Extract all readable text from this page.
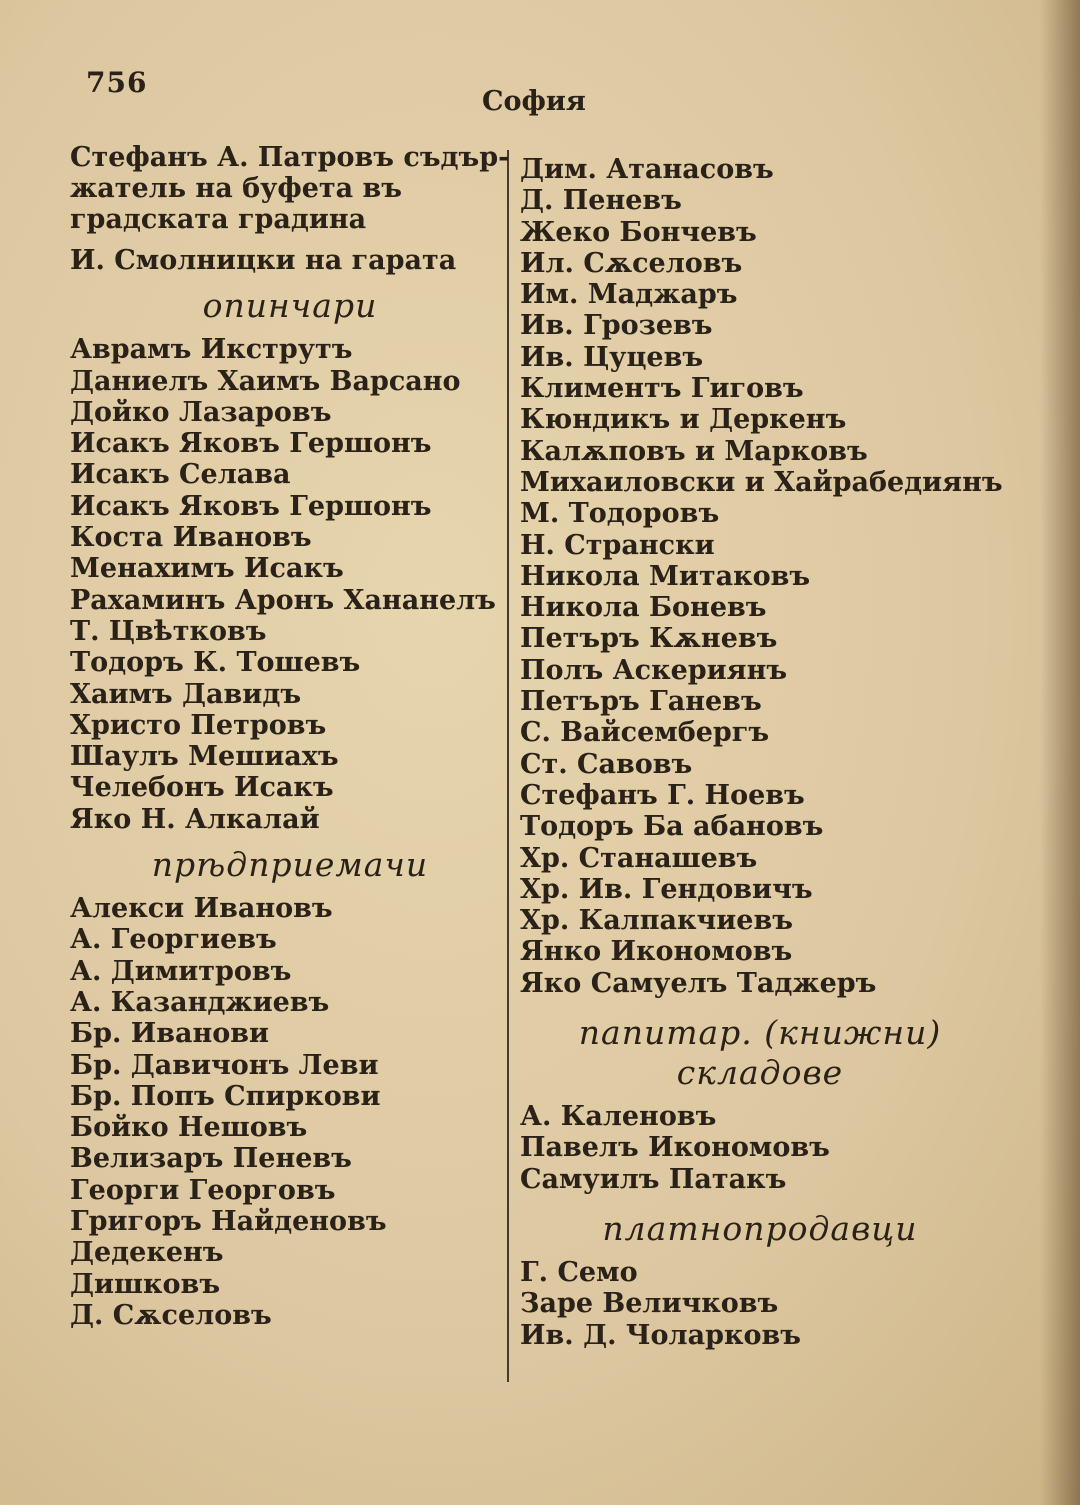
756
София
Стефанъ А. Патровъ съдър-жатель на буфета въ градската градина
И. Смолницки на гарата
опинчари
Аврамъ Икструтъ
Даниелъ Хаимъ Варсано
Дойко Лазаровъ
Исакъ Яковъ Гершонъ
Исакъ Селава
Исакъ Яковъ Гершонъ
Коста Ивановъ
Менахимъ Исакъ
Рахаминъ Аронъ Хананелъ
Т. Цвѣтковъ
Тодоръ К. Тошевъ
Хаимъ Давидъ
Христо Петровъ
Шаулъ Мешиахъ
Челебонъ Исакъ
Яко Н. Алкалай
прѣдприемачи
Алекси Ивановъ
А. Георгиевъ
А. Димитровъ
А. Казанджиевъ
Бр. Иванови
Бр. Давичонъ Леви
Бр. Попъ Спиркови
Бойко Нешовъ
Велизаръ Пеневъ
Георги Георговъ
Григоръ Найденовъ
Дедекенъ
Дишковъ
Д. Сѫселовъ
Дим. Атанасовъ
Д. Пеневъ
Жеко Бончевъ
Ил. Сѫселовъ
Им. Маджаръ
Ив. Грозевъ
Ив. Цуцевъ
Климентъ Гиговъ
Кюндикъ и Деркенъ
Калѫповъ и Марковъ
Михаиловски и Хайрабедиянъ
М. Тодоровъ
Н. Странски
Никола Митаковъ
Никола Боневъ
Петъръ Кѫневъ
Полъ Аскериянъ
Петъръ Ганевъ
С. Вайсембергъ
Ст. Савовъ
Стефанъ Г. Ноевъ
Тодоръ Ба абановъ
Хр. Станашевъ
Хр. Ив. Гендовичъ
Хр. Калпакчиевъ
Янко Икономовъ
Яко Самуелъ Таджеръ
папитар. (книжни)
складове
А. Каленовъ
Павелъ Икономовъ
Самуилъ Патакъ
платнопродавци
Г. Семо
Заре Величковъ
Ив. Д. Чоларковъ
